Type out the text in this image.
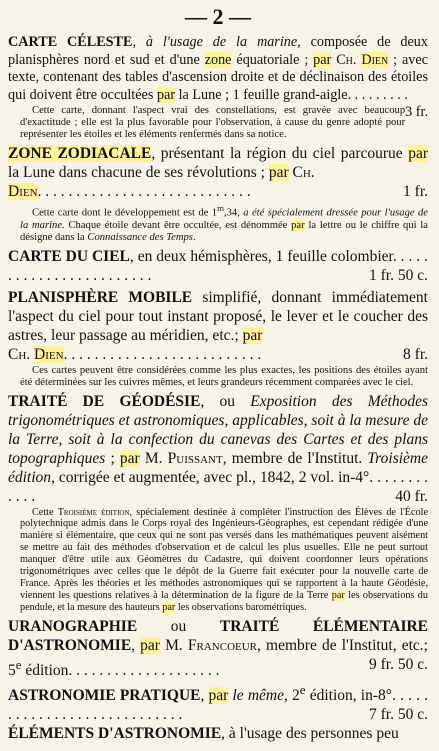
— 2 —
CARTE CÉLESTE, à l'usage de la marine, composée de deux planisphères nord et sud et d'une zone équatoriale ; par Ch. Dien ; avec texte, contenant des tables d'ascension droite et de déclinaison des étoiles qui doivent être occultées par la Lune ; 1 feuille grand-aigle. . . . . . . . .
3 fr.
Cette carte, donnant l'aspect vrai des constellations, est gravée avec beaucoup d'exactitude ; elle est la plus favorable pour l'observation, à cause du genre adopté pour représenter les étoiles et les éléments renfermés dans sa notice.
ZONE ZODIACALE, présentant la région du ciel parcourue par la Lune dans chacune de ses révolutions ; par Ch.
Dien. . . . . . . . . . . . . . . . . . . . . . . . . . . .	1 fr.
Cette carte dont le développement est de 1$^m$,34, a été spécialement dressée pour l'usage de la marine. Chaque étoile devant être occultée, est dénommée par la lettre ou le chiffre qui la désigne dans la Connaissance des Temps.
CARTE DU CIEL, en deux hémisphères, 1 feuille colombier. . . . . . . . . . . . . . . . . . . . . . . .	1 fr. 50 c.
PLANISPHÈRE MOBILE simplifié, donnant immédiatement l'aspect du ciel pour tout instant proposé, le lever et le coucher des astres, leur passage au méridien, etc.; par
Ch. Dien. . . . . . . . . . . . . . . . . . . . . . . . . .	8 fr.
Ces cartes peuvent être considérées comme les plus exactes, les positions des étoiles ayant été déterminées sur les cuivres mêmes, et leurs grandeurs récemment comparées avec le ciel.
TRAITÉ DE GÉODÉSIE, ou Exposition des Méthodes trigonométriques et astronomiques, applicables, soit à la mesure de la Terre, soit à la confection du canevas des Cartes et des plans topographiques ; par M. Puissant, membre de l'Institut. Troisième édition, corrigée et augmentée, avec pl., 1842, 2 vol. in-4°. . . . . . . . . . . .	40 fr.
Cette Troisième édition, spécialement destinée à compléter l'instruction des Élèves de l'École polytechnique admis dans le Corps royal des Ingénieurs-Géographes, est cependant rédigée d'une manière si élémentaire, que ceux qui ne sont pas versés dans les mathématiques peuvent aisément se mettre au fait des méthodes d'observation et de calcul les plus usuelles. Elle ne peut surtout manquer d'être utile aux Géomètres du Cadastre, qui doivent coordonner leurs opérations trigonométriques avec celles que le dépôt de la Guerre fait exécuter pour la nouvelle carte de France. Après les théories et les méthodes astronomiques qui se rapportent à la haute Géodésie, viennent les questions relatives à la détermination de la figure de la Terre par les observations du pendule, et la mesure des hauteurs par les observations barométriques.
URANOGRAPHIE ou TRAITÉ ÉLÉMENTAIRE D'ASTRONOMIE, par M. Francoeur, membre de l'Institut, etc.; 5e édition. . . . . . . . . . . . . . . . . . . .	9 fr. 50 c.
ASTRONOMIE PRATIQUE, par le même, 2e édition, in-8°. . . . . . . . . . . . . . . . . . . . . . . . . . . .	7 fr. 50 c.
ÉLÉMENTS D'ASTRONOMIE, à l'usage des personnes peu
